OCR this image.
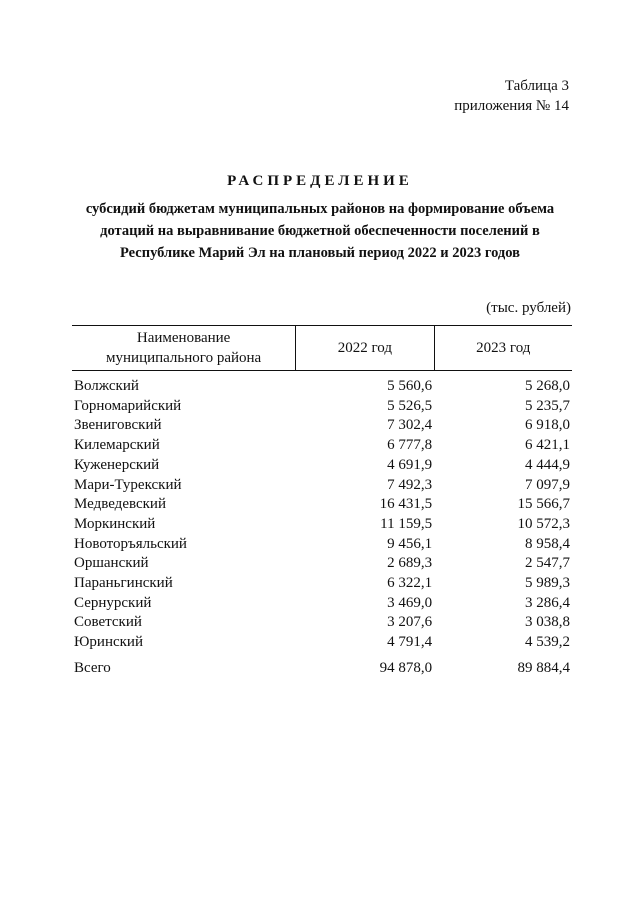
Таблица 3
приложения № 14
РАСПРЕДЕЛЕНИЕ
субсидий бюджетам муниципальных районов на формирование объема
дотаций на выравнивание бюджетной обеспеченности поселений в
Республике Марий Эл на плановый период 2022 и 2023 годов
(тыс. рублей)
Наименование
муниципального района	2022 год	2023 год

Волжский	5 560,6	5 268,0
Горномарийский	5 526,5	5 235,7
Звениговский	7 302,4	6 918,0
Килемарский	6 777,8	6 421,1
Куженерский	4 691,9	4 444,9
Мари-Турекский	7 492,3	7 097,9
Медведевский	16 431,5	15 566,7
Моркинский	11 159,5	10 572,3
Новоторъяльский	9 456,1	8 958,4
Оршанский	2 689,3	2 547,7
Параньгинский	6 322,1	5 989,3
Сернурский	3 469,0	3 286,4
Советский	3 207,6	3 038,8
Юринский	4 791,4	4 539,2
Всего	94 878,0	89 884,4
